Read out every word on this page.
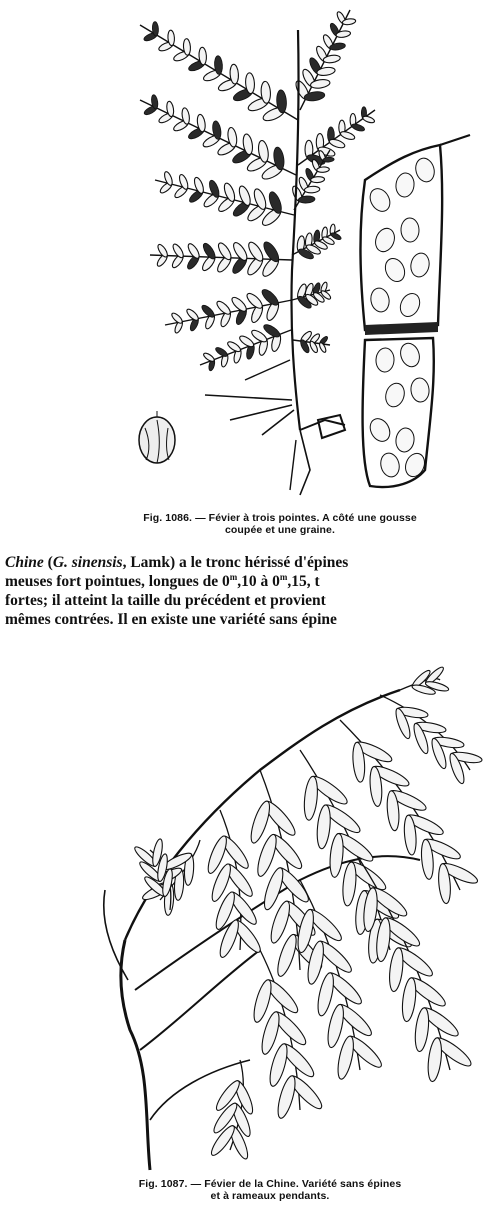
Fig. 1086. — Févier à trois pointes. A côté une gousse
coupée et une graine.
Chine (G. sinensis, Lamk) a le tronc hérissé d'épines
meuses fort pointues, longues de 0$^m$,10 à 0$^m$,15, t
fortes; il atteint la taille du précédent et provient
mêmes contrées. Il en existe une variété sans épine
Fig. 1087. — Févier de la Chine. Variété sans épines
et à rameaux pendants.
